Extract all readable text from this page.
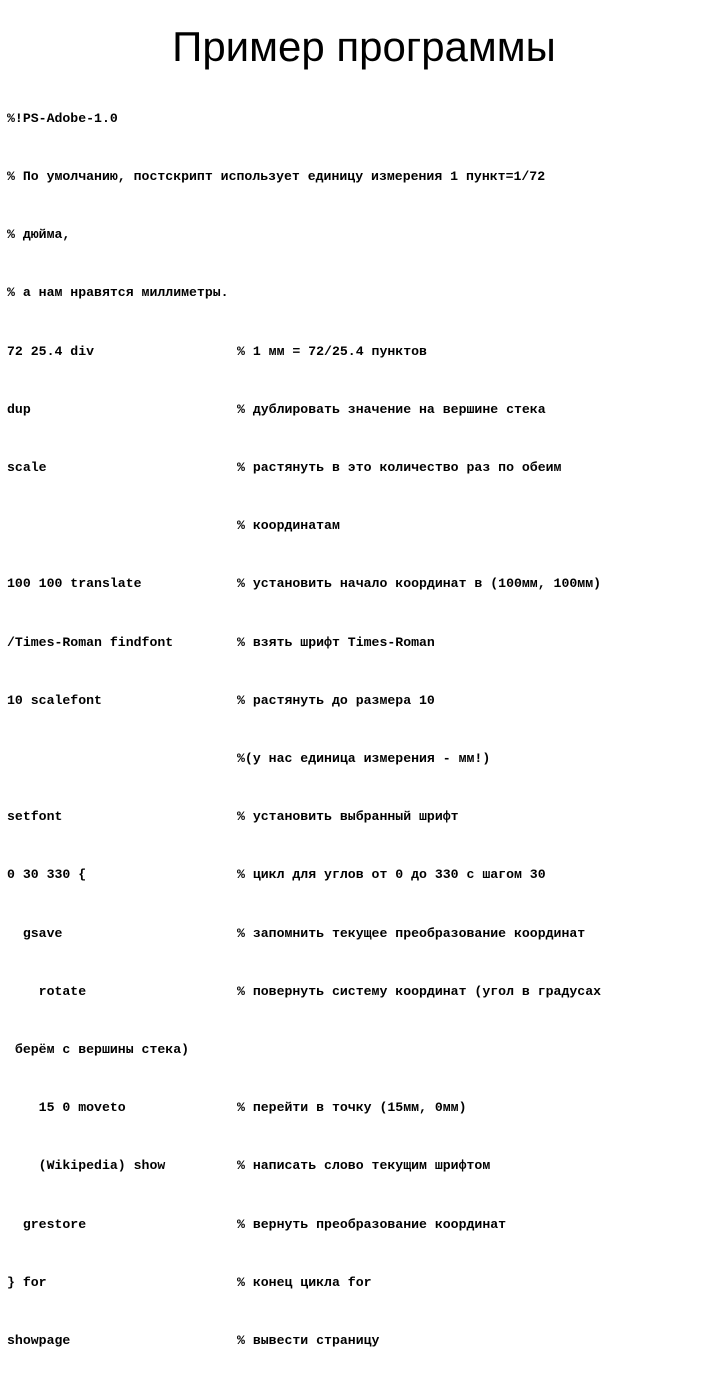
Пример программы

%!PS-Adobe-1.0

% По умолчанию, постскрипт использует единицу измерения 1 пункт=1/72

% дюйма,

% а нам нравятся миллиметры.

72 25.4 div	% 1 мм = 72/25.4 пунктов

dup	% дублировать значение на вершине стека

scale	% растянуть в это количество раз по обеим

% координатам

100 100 translate	% установить начало координат в (100мм, 100мм)

/Times-Roman findfont	% взять шрифт Times-Roman

10 scalefont	% растянуть до размера 10

%(у нас единица измерения - мм!)

setfont	% установить выбранный шрифт

0 30 330 {	% цикл для углов от 0 до 330 с шагом 30

gsave	% запомнить текущее преобразование координат

rotate	% повернуть систему координат (угол в градусах

берём с вершины стека)

15 0 moveto	% перейти в точку (15мм, 0мм)

(Wikipedia) show	% написать слово текущим шрифтом

grestore	% вернуть преобразование координат

} for	% конец цикла for

showpage	% вывести страницу
